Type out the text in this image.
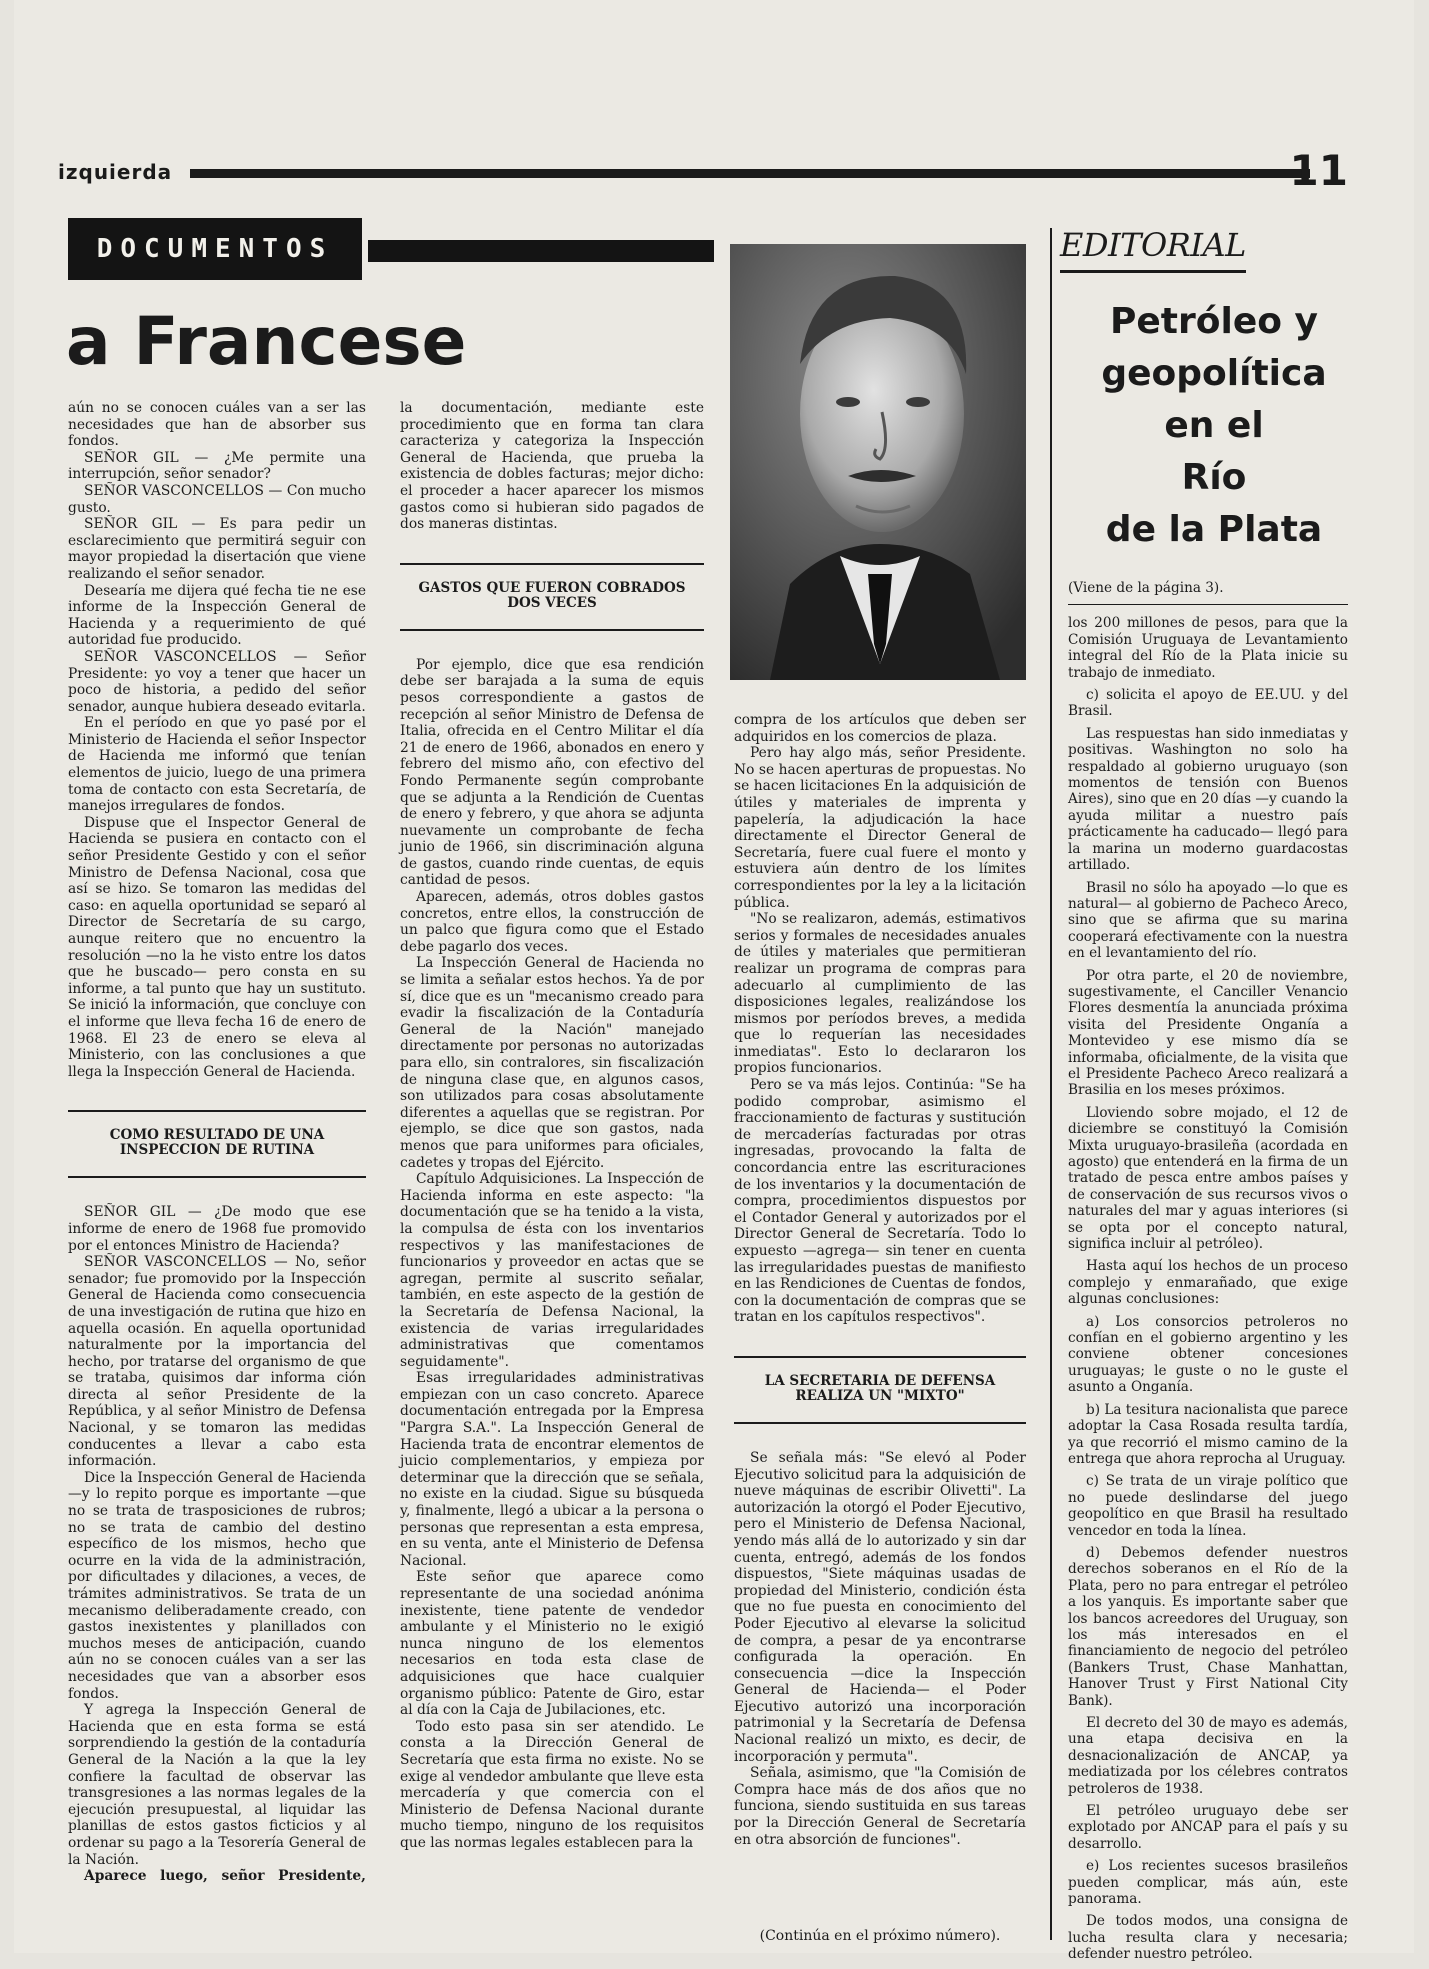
izquierda	11
DOCUMENTOS
a Francese

aún no se conocen cuáles van a ser las necesidades que han de absorber sus fondos.

SEÑOR GIL — ¿Me permite una interrupción, señor senador?

SEÑOR VASCONCELLOS — Con mucho gusto.

SEÑOR GIL — Es para pedir un esclarecimiento que permitirá seguir con mayor propiedad la disertación que viene realizando el señor senador.

Desearía me dijera qué fecha tie ne ese informe de la Inspección General de Hacienda y a requerimiento de qué autoridad fue producido.

SEÑOR VASCONCELLOS — Señor Presidente: yo voy a tener que hacer un poco de historia, a pedido del señor senador, aunque hubiera deseado evitarla.

En el período en que yo pasé por el Ministerio de Hacienda el señor Inspector de Hacienda me informó que tenían elementos de juicio, luego de una primera toma de contacto con esta Secretaría, de manejos irregulares de fondos.

Dispuse que el Inspector General de Hacienda se pusiera en contacto con el señor Presidente Gestido y con el señor Ministro de Defensa Nacional, cosa que así se hizo. Se tomaron las medidas del caso: en aquella oportunidad se separó al Director de Secretaría de su cargo, aunque reitero que no encuentro la resolución —no la he visto entre los datos que he buscado— pero consta en su informe, a tal punto que hay un sustituto. Se inició la información, que concluye con el informe que lleva fecha 16 de enero de 1968. El 23 de enero se eleva al Ministerio, con las conclusiones a que llega la Inspección General de Hacienda.

COMO RESULTADO DE UNA INSPECCION DE RUTINA

SEÑOR GIL — ¿De modo que ese informe de enero de 1968 fue promovido por el entonces Ministro de Hacienda?

SEÑOR VASCONCELLOS — No, señor senador; fue promovido por la Inspección General de Hacienda como consecuencia de una investigación de rutina que hizo en aquella ocasión. En aquella oportunidad naturalmente por la importancia del hecho, por tratarse del organismo de que se trataba, quisimos dar informa ción directa al señor Presidente de la República, y al señor Ministro de Defensa Nacional, y se tomaron las medidas conducentes a llevar a cabo esta información.

Dice la Inspección General de Hacienda —y lo repito porque es importante —que no se trata de trasposiciones de rubros; no se trata de cambio del destino específico de los mismos, hecho que ocurre en la vida de la administración, por dificultades y dilaciones, a veces, de trámites administrativos. Se trata de un mecanismo deliberadamente creado, con gastos inexistentes y planillados con muchos meses de anticipación, cuando aún no se conocen cuáles van a ser las necesidades que van a absorber esos fondos.

Y agrega la Inspección General de Hacienda que en esta forma se está sorprendiendo la gestión de la contaduría General de la Nación a la que la ley confiere la facultad de observar las transgresiones a las normas legales de la ejecución presupuestal, al liquidar las planillas de estos gastos ficticios y al ordenar su pago a la Tesorería General de la Nación.

Aparece luego, señor Presidente,

la documentación, mediante este procedimiento que en forma tan clara caracteriza y categoriza la Inspección General de Hacienda, que prueba la existencia de dobles facturas; mejor dicho: el proceder a hacer aparecer los mismos gastos como si hubieran sido pagados de dos maneras distintas.

GASTOS QUE FUERON COBRADOS DOS VECES

Por ejemplo, dice que esa rendición debe ser barajada a la suma de equis pesos correspondiente a gastos de recepción al señor Ministro de Defensa de Italia, ofrecida en el Centro Militar el día 21 de enero de 1966, abonados en enero y febrero del mismo año, con efectivo del Fondo Permanente según comprobante que se adjunta a la Rendición de Cuentas de enero y febrero, y que ahora se adjunta nuevamente un comprobante de fecha junio de 1966, sin discriminación alguna de gastos, cuando rinde cuentas, de equis cantidad de pesos.

Aparecen, además, otros dobles gastos concretos, entre ellos, la construcción de un palco que figura como que el Estado debe pagarlo dos veces.

La Inspección General de Hacienda no se limita a señalar estos hechos. Ya de por sí, dice que es un "mecanismo creado para evadir la fiscalización de la Contaduría General de la Nación" manejado directamente por personas no autorizadas para ello, sin contralores, sin fiscalización de ninguna clase que, en algunos casos, son utilizados para cosas absolutamente diferentes a aquellas que se registran. Por ejemplo, se dice que son gastos, nada menos que para uniformes para oficiales, cadetes y tropas del Ejército.

Capítulo Adquisiciones. La Inspección de Hacienda informa en este aspecto: "la documentación que se ha tenido a la vista, la compulsa de ésta con los inventarios respectivos y las manifestaciones de funcionarios y proveedor en actas que se agregan, permite al suscrito señalar, también, en este aspecto de la gestión de la Secretaría de Defensa Nacional, la existencia de varias irregularidades administrativas que comentamos seguidamente".

Esas irregularidades administrativas empiezan con un caso concreto. Aparece documentación entregada por la Empresa "Pargra S.A.". La Inspección General de Hacienda trata de encontrar elementos de juicio complementarios, y empieza por determinar que la dirección que se señala, no existe en la ciudad. Sigue su búsqueda y, finalmente, llegó a ubicar a la persona o personas que representan a esta empresa, en su venta, ante el Ministerio de Defensa Nacional.

Este señor que aparece como representante de una sociedad anónima inexistente, tiene patente de vendedor ambulante y el Ministerio no le exigió nunca ninguno de los elementos necesarios en toda esta clase de adquisiciones que hace cualquier organismo público: Patente de Giro, estar al día con la Caja de Jubilaciones, etc.

Todo esto pasa sin ser atendido. Le consta a la Dirección General de Secretaría que esta firma no existe. No se exige al vendedor ambulante que lleve esta mercadería y que comercia con el Ministerio de Defensa Nacional durante mucho tiempo, ninguno de los requisitos que las normas legales establecen para la

compra de los artículos que deben ser adquiridos en los comercios de plaza.

Pero hay algo más, señor Presidente. No se hacen aperturas de propuestas. No se hacen licitaciones En la adquisición de útiles y materiales de imprenta y papelería, la adjudicación la hace directamente el Director General de Secretaría, fuere cual fuere el monto y estuviera aún dentro de los límites correspondientes por la ley a la licitación pública.

"No se realizaron, además, estimativos serios y formales de necesidades anuales de útiles y materiales que permitieran realizar un programa de compras para adecuarlo al cumplimiento de las disposiciones legales, realizándose los mismos por períodos breves, a medida que lo requerían las necesidades inmediatas". Esto lo declararon los propios funcionarios.

Pero se va más lejos. Continúa: "Se ha podido comprobar, asimismo el fraccionamiento de facturas y sustitución de mercaderías facturadas por otras ingresadas, provocando la falta de concordancia entre las escrituraciones de los inventarios y la documentación de compra, procedimientos dispuestos por el Contador General y autorizados por el Director General de Secretaría. Todo lo expuesto —agrega— sin tener en cuenta las irregularidades puestas de manifiesto en las Rendiciones de Cuentas de fondos, con la documentación de compras que se tratan en los capítulos respectivos".

LA SECRETARIA DE DEFENSA REALIZA UN "MIXTO"

Se señala más: "Se elevó al Poder Ejecutivo solicitud para la adquisición de nueve máquinas de escribir Olivetti". La autorización la otorgó el Poder Ejecutivo, pero el Ministerio de Defensa Nacional, yendo más allá de lo autorizado y sin dar cuenta, entregó, además de los fondos dispuestos, "Siete máquinas usadas de propiedad del Ministerio, condición ésta que no fue puesta en conocimiento del Poder Ejecutivo al elevarse la solicitud de compra, a pesar de ya encontrarse configurada la operación. En consecuencia —dice la Inspección General de Hacienda— el Poder Ejecutivo autorizó una incorporación patrimonial y la Secretaría de Defensa Nacional realizó un mixto, es decir, de incorporación y permuta".

Señala, asimismo, que "la Comisión de Compra hace más de dos años que no funciona, siendo sustituida en sus tareas por la Dirección General de Secretaría en otra absorción de funciones".

(Continúa en el próximo número).
EDITORIAL
Petróleo y
geopolítica
en el
Río
de la Plata

(Viene de la página 3).

los 200 millones de pesos, para que la Comisión Uruguaya de Levantamiento integral del Río de la Plata inicie su trabajo de inmediato.

c) solicita el apoyo de EE.UU. y del Brasil.

Las respuestas han sido inmediatas y positivas. Washington no solo ha respaldado al gobierno uruguayo (son momentos de tensión con Buenos Aires), sino que en 20 días —y cuando la ayuda militar a nuestro país prácticamente ha caducado— llegó para la marina un moderno guardacostas artillado.

Brasil no sólo ha apoyado —lo que es natural— al gobierno de Pacheco Areco, sino que se afirma que su marina cooperará efectivamente con la nuestra en el levantamiento del río.

Por otra parte, el 20 de noviembre, sugestivamente, el Canciller Venancio Flores desmentía la anunciada próxima visita del Presidente Onganía a Montevideo y ese mismo día se informaba, oficialmente, de la visita que el Presidente Pacheco Areco realizará a Brasilia en los meses próximos.

Lloviendo sobre mojado, el 12 de diciembre se constituyó la Comisión Mixta uruguayo-brasileña (acordada en agosto) que entenderá en la firma de un tratado de pesca entre ambos países y de conservación de sus recursos vivos o naturales del mar y aguas interiores (si se opta por el concepto natural, significa incluir al petróleo).

Hasta aquí los hechos de un proceso complejo y enmarañado, que exige algunas conclusiones:

a) Los consorcios petroleros no confían en el gobierno argentino y les conviene obtener concesiones uruguayas; le guste o no le guste el asunto a Onganía.

b) La tesitura nacionalista que parece adoptar la Casa Rosada resulta tardía, ya que recorrió el mismo camino de la entrega que ahora reprocha al Uruguay.

c) Se trata de un viraje político que no puede deslindarse del juego geopolítico en que Brasil ha resultado vencedor en toda la línea.

d) Debemos defender nuestros derechos soberanos en el Río de la Plata, pero no para entregar el petróleo a los yanquis. Es importante saber que los bancos acreedores del Uruguay, son los más interesados en el financiamiento de negocio del petróleo (Bankers Trust, Chase Manhattan, Hanover Trust y First National City Bank).

El decreto del 30 de mayo es además, una etapa decisiva en la desnacionalización de ANCAP, ya mediatizada por los célebres contratos petroleros de 1938.

El petróleo uruguayo debe ser explotado por ANCAP para el país y su desarrollo.

e) Los recientes sucesos brasileños pueden complicar, más aún, este panorama.

De todos modos, una consigna de lucha resulta clara y necesaria; defender nuestro petróleo.
